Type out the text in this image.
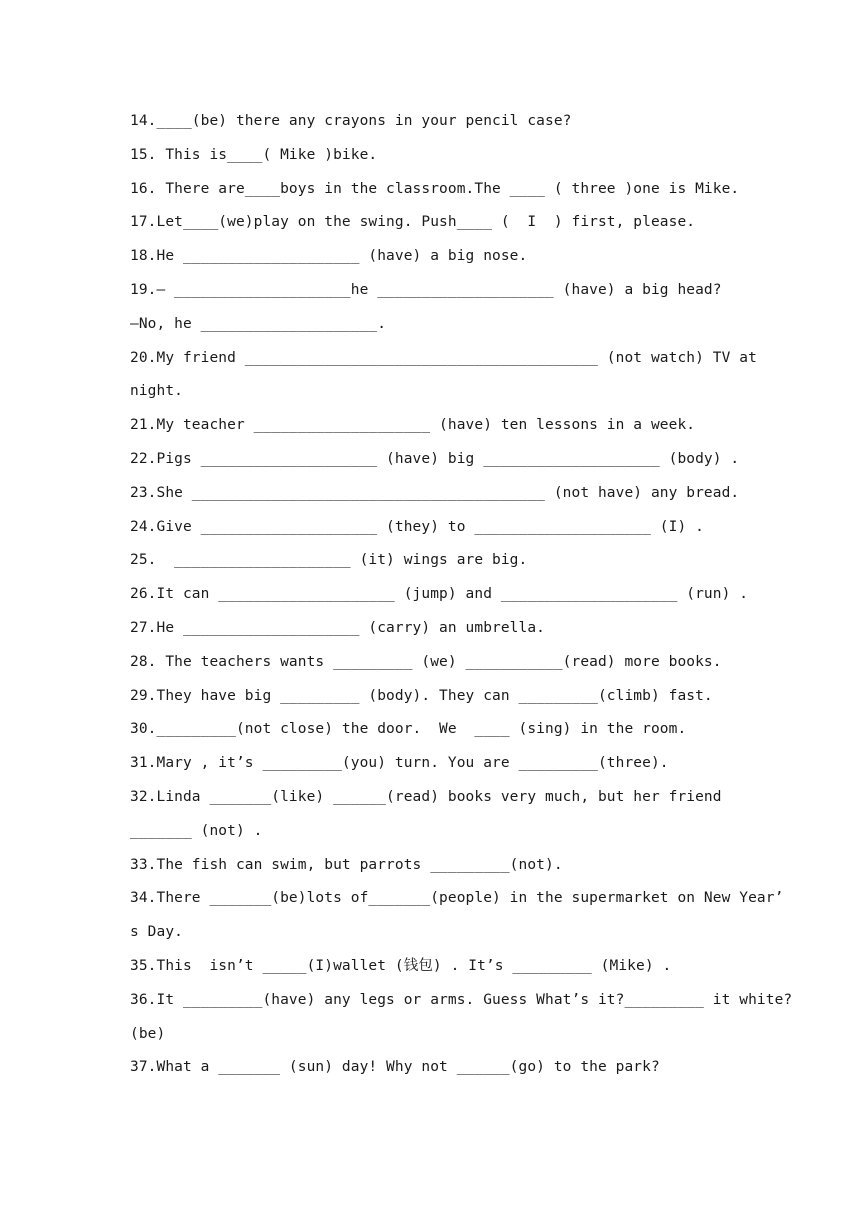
14.____(be) there any crayons in your pencil case?
15. This is____( Mike )bike.
16. There are____boys in the classroom.The ____ ( three )one is Mike.
17.Let____(we)play on the swing. Push____ (  I  ) first, please.
18.He ____________________ (have) a big nose.
19.— ____________________he ____________________ (have) a big head?
—No, he ____________________.
20.My friend ________________________________________ (not watch) TV at
night.
21.My teacher ____________________ (have) ten lessons in a week.
22.Pigs ____________________ (have) big ____________________ (body) .
23.She ________________________________________ (not have) any bread.
24.Give ____________________ (they) to ____________________ (I) .
25.  ____________________ (it) wings are big.
26.It can ____________________ (jump) and ____________________ (run) .
27.He ____________________ (carry) an umbrella.
28. The teachers wants _________ (we) ___________(read) more books.
29.They have big _________ (body). They can _________(climb) fast.
30._________(not close) the door.  We  ____ (sing) in the room.
31.Mary , it’s _________(you) turn. You are _________(three).
32.Linda _______(like) ______(read) books very much, but her friend
_______ (not) .
33.The fish can swim, but parrots _________(not).
34.There _______(be)lots of_______(people) in the supermarket on New Year’
s Day.
35.This  isn’t _____(I)wallet (钱包) . It’s _________ (Mike) .
36.It _________(have) any legs or arms. Guess What’s it?_________ it white?
(be)
37.What a _______ (sun) day! Why not ______(go) to the park?
